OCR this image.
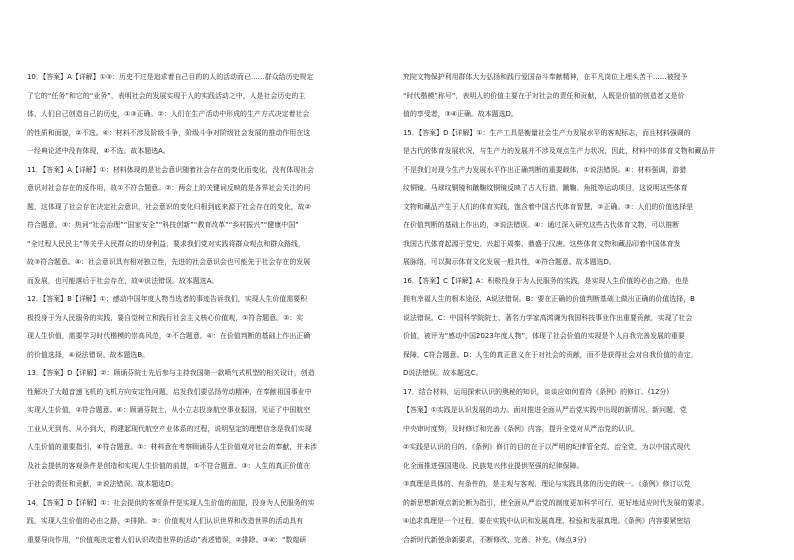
10．【答案】A【详解】①③：历史不过是追求着自己目的的人的活动而已……群众给历史规定
了它的“任务”和它的“业务”，表明社会的发展实现于人的实践活动之中，人是社会历史的主
体，人们自己创造自己的历史，①③正确。②：人们在生产活动中形成的生产方式决定着社会
的性质和面貌，②不选。④：材料不涉及阶级斗争，阶级斗争对阶级社会发展的推动作用在这
一经典论述中没有体现，④不选。故本题选A。
11．【答案】A【详解】①：材料体现的是社会意识随着社会存在的变化而变化，没有体现社会
意识对社会存在的反作用，故①不符合题意。②：两会上的关键词反映的是各界社会关注的问
题，这体现了社会存在决定社会意识，社会意识的变化归根到底来源于社会存在的变化，故②
符合题意。③：热词“社会治理”“国家安全”“科技创新”“教育改革”“乡村振兴”“健康中国”
“全过程人民民主”等关乎人民群众的切身利益，要求我们党对实践将群众观点和群众路线，
故③符合题意。④：社会意识具有相对独立性，先进的社会意识会也可能先于社会存在的发展
而发展，也可能落后于社会存在，故④说法错误。故本题选A。
12．【答案】B【详解】①：感动中国年度人物当选者的事迹告诉我们，实现人生价值需要积
极投身于为人民服务的实践，要自觉树立和践行社会主义核心价值观，①符合题意。②：实
现人生价值，需要学习时代楷模的崇高风范，②不合题意。④：在价值判断的基础上作出正确
的价值选择，④说法错误。故本题选B。
13．【答案】D【详解】②：顾诵芬院士先后参与主持我国第一款喷气式机型的相关设计，创造
性解决了大超音速飞机的飞机方向安定性问题，启发我们要弘扬劳动精神，在奉献祖国事业中
实现人生价值，②符合题意。④：顾诵芬院士，从小立志投身航空事业报国，见证了中国航空
工业从无到有、从小到大，构建起现代航空产业体系的过程，说明坚定的理想信念是我们实现
人生价值的重要指引，④符合题意。①：材料意在考察顾诵芬人生价值观对社会的奉献，并未涉
及社会提供的客观条件是创造和实现人生价值的前提，①不符合题意。③：人生的真正价值在
于社会的责任和贡献，②说法错误。故本题选D。
14．【答案】D【详解】①：社会提供的客观条件是实现人生价值的前提，投身为人民服务的实
践，实现人生价值的必由之路，②排除。②：价值观对人们认识世界和改造世界的活动具有
重要导向作用，“价值观决定着人们认识改造世界的活动”表述错误，②排除。③④：“数煌研
究院文物保护利用群体大力弘扬和践行爱国奋斗奉献精神，在平凡岗位上埋头苦干……被授予
“时代楷模”称号”，表明人的价值主要在于对社会的责任和贡献，人既是价值的创造者又是价
值的享受者，③④正确。故本题选D。
15．【答案】D【详解】①：生产工具是衡量社会生产力发展水平的客观标志，而且材料强调的
是古代的体育发展状况，与生产力的发展并不涉及观点生产力状况，因此，材料中的体育文物和藏品并
不是我们对现今生产力发展水平作出正确判断的重要载体，①说法错误。④：材料强调，游猎
纹铜镜、马球纹铜镜和蹴鞠纹铜镜反映了古人行猎、蹴鞠、角抵等运动项目，这说明这些体育
文物和藏品产生于人们的体育实践，饱含着中国古代体育智慧，②正确。③：人们的价值选择是
在价值判断的基础上作出的，③说法错误。④：通过深入研究这些古代体育文物，可以推断
我国古代体育起源于党史、兴起于周秦、鼎盛于汉唐。这些体育文物和藏品印着中国体育发
展脉络，可以揭示体育文化发展一般共性，④符合题意。故本题选D。
16．【答案】C【详解】A：积极投身于为人民服务的实践，是实现人生价值的必由之路，也是
拥有幸福人生的根本途径，A说法错误。B：要在正确的价值判断基础上做出正确的价值选择，B
说法错误。C：中国科学院院士、著名力学家高鸿谦为我国科技事业作出重要贡献，实现了社会
价值，被评为“感动中国2023年度人物”，体现了社会价值的实现是个人自我完善发展的重要
保障，C符合题意。D：人生的真正意义在于对社会的贡献，而不是获得社会对自我价值的肯定，
D说法错误。故本题选C。
17．结合材料，运用探索认识的奥秘的知识，谈谈应如何看待《条例》的修订。(12分)
【答案】①实践是认识发展的动力。面对推进全面从严治党实践中出现的新情况、新问题，党
中央审时度势，及时修订和完善《条例》内容，提升全党对从严治党的认识。
②实践是认识的目的。《条例》修订的目的在于以严明的纪律管全党、治全党，为以中国式现代
化全面推进强国建设、民族复兴伟业提供坚强的纪律保障。
③真理是具体的、有条件的，是主观与客观、理论与实践具体的历史的统一。《条例》修订以党
的新思想新观点新论断为指引，使全面从严治党的制度更加科学可行，更好地适应时代发展的要求。
④追求真理是一个过程，要在实践中认识和发展真理、检验和发展真理。《条例》内容要紧密结
合新时代新使命新要求，不断修改、完善、补充。(每点3分)
